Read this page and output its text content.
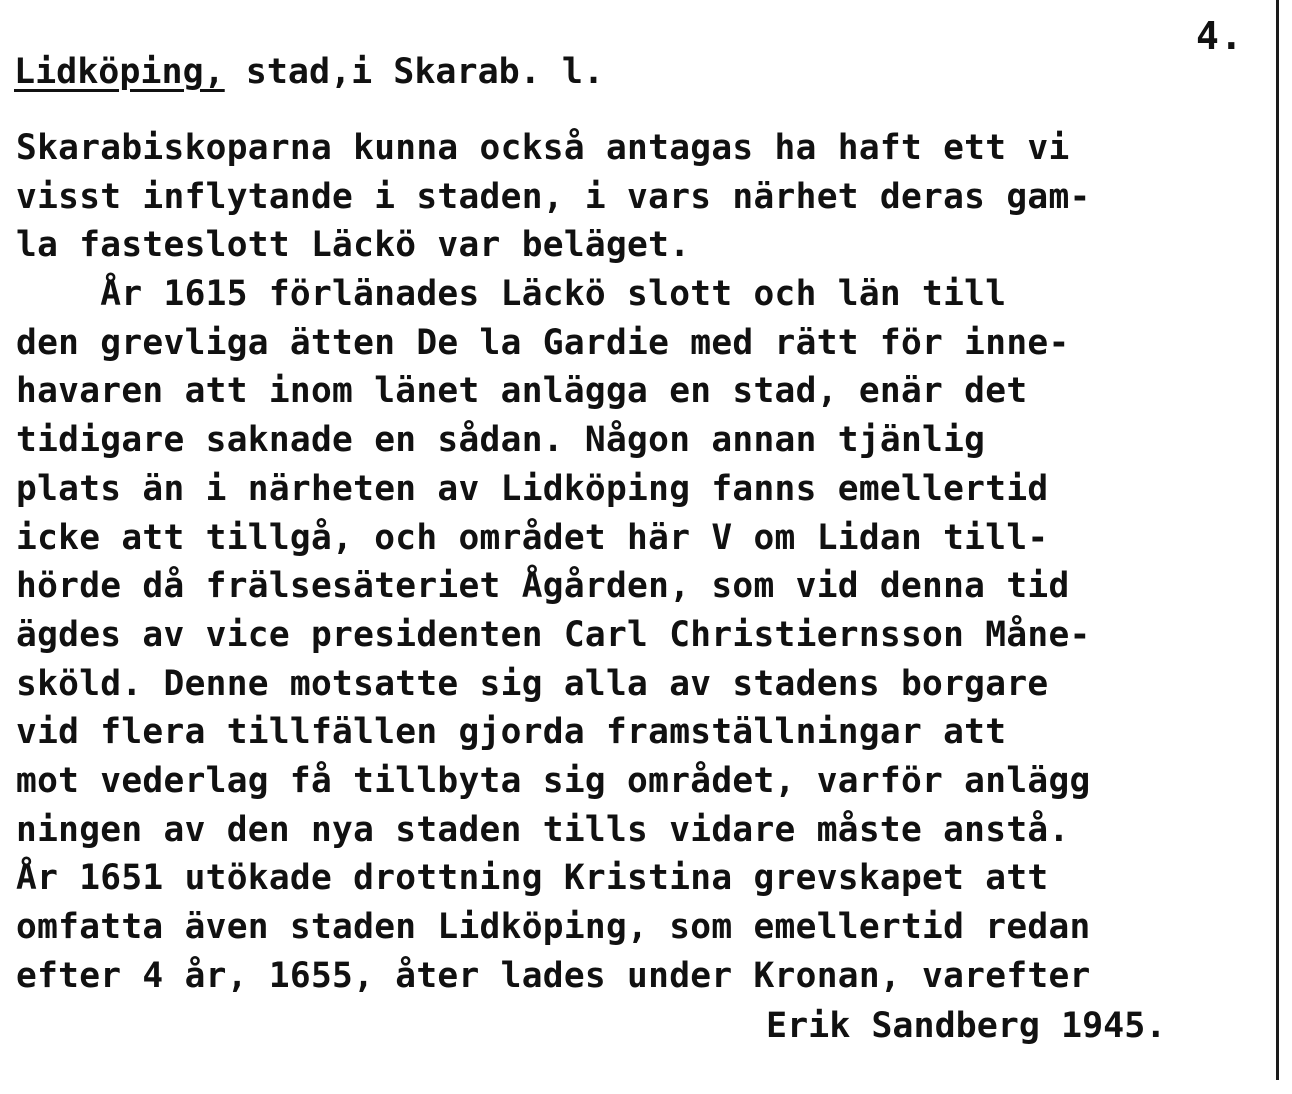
4.
Lidköping, stad,i Skarab. l.
Skarabiskoparna kunna också antagas ha haft ett vi
visst inflytande i staden, i vars närhet deras gam-
la fasteslott Läckö var beläget.
År 1615 förlänades Läckö slott och län till
den grevliga ätten De la Gardie med rätt för inne-
havaren att inom länet anlägga en stad, enär det
tidigare saknade en sådan. Någon annan tjänlig
plats än i närheten av Lidköping fanns emellertid
icke att tillgå, och området här V om Lidan till-
hörde då frälsesäteriet Ågården, som vid denna tid
ägdes av vice presidenten Carl Christiernsson Måne-
sköld. Denne motsatte sig alla av stadens borgare
vid flera tillfällen gjorda framställningar att
mot vederlag få tillbyta sig området, varför anlägg
ningen av den nya staden tills vidare måste anstå.
År 1651 utökade drottning Kristina grevskapet att
omfatta även staden Lidköping, som emellertid redan
efter 4 år, 1655, åter lades under Kronan, varefter
Erik Sandberg 1945.
